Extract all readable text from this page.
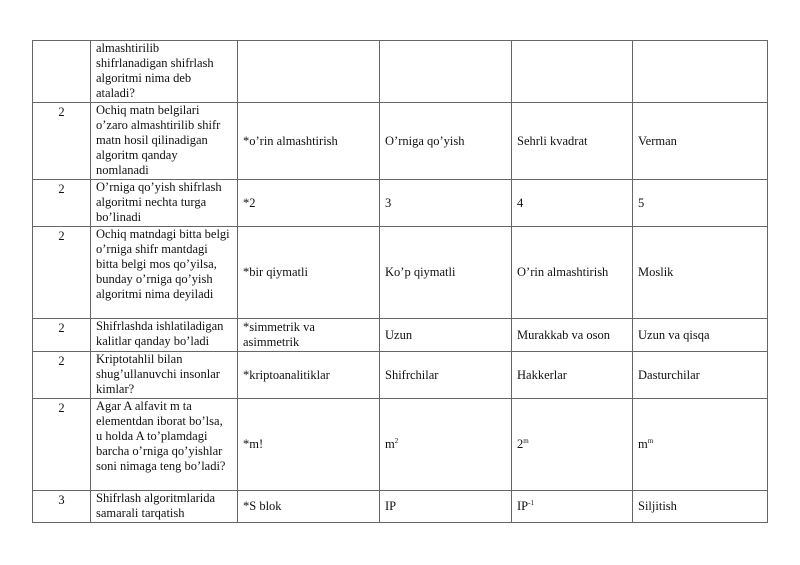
	almashtirilib shifrlanadigan shifrlash algoritmi nima deb ataladi?				
2	Ochiq matn belgilari o’zaro almashtirilib shifr matn hosil qilinadigan algoritm qanday nomlanadi	*o’rin almashtirish	O’rniga qo’yish	Sehrli kvadrat	Verman
2	O’rniga qo’yish shifrlash algoritmi nechta turga bo’linadi	*2	3	4	5
2	Ochiq matndagi bitta belgi o’rniga shifr mantdagi bitta belgi mos qo’yilsa, bunday o’rniga qo’yish algoritmi nima deyiladi	*bir qiymatli	Ko’p qiymatli	O’rin almashtirish	Moslik
2	Shifrlashda ishlatiladigan kalitlar qanday bo’ladi	*simmetrik va asimmetrik	Uzun	Murakkab va oson	Uzun va qisqa
2	Kriptotahlil bilan shug’ullanuvchi insonlar kimlar?	*kriptoanalitiklar	Shifrchilar	Hakkerlar	Dasturchilar
2	Agar A alfavit m ta elementdan iborat bo’lsa, u holda A to’plamdagi barcha o’rniga qo’yishlar soni nimaga teng bo’ladi?	*m!	$m^2$	2$^m$	$m^m$
3	Shifrlash algoritmlarida samarali tarqatish	*S blok	IP	$IP^{-1}$	Siljitish
